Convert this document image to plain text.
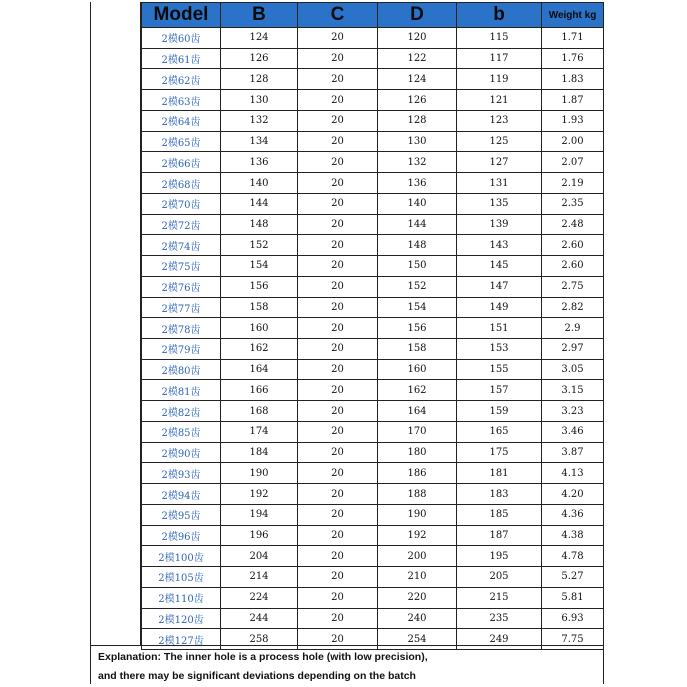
Model	B	C	D	b	Weight kg
2模60齿	124	20	120	115	1.71
2模61齿	126	20	122	117	1.76
2模62齿	128	20	124	119	1.83
2模63齿	130	20	126	121	1.87
2模64齿	132	20	128	123	1.93
2模65齿	134	20	130	125	2.00
2模66齿	136	20	132	127	2.07
2模68齿	140	20	136	131	2.19
2模70齿	144	20	140	135	2.35
2模72齿	148	20	144	139	2.48
2模74齿	152	20	148	143	2.60
2模75齿	154	20	150	145	2.60
2模76齿	156	20	152	147	2.75
2模77齿	158	20	154	149	2.82
2模78齿	160	20	156	151	2.9
2模79齿	162	20	158	153	2.97
2模80齿	164	20	160	155	3.05
2模81齿	166	20	162	157	3.15
2模82齿	168	20	164	159	3.23
2模85齿	174	20	170	165	3.46
2模90齿	184	20	180	175	3.87
2模93齿	190	20	186	181	4.13
2模94齿	192	20	188	183	4.20
2模95齿	194	20	190	185	4.36
2模96齿	196	20	192	187	4.38
2模100齿	204	20	200	195	4.78
2模105齿	214	20	210	205	5.27
2模110齿	224	20	220	215	5.81
2模120齿	244	20	240	235	6.93
2模127齿	258	20	254	249	7.75
Explanation: The inner hole is a process hole (with low precision),
and there may be significant deviations depending on the batch
